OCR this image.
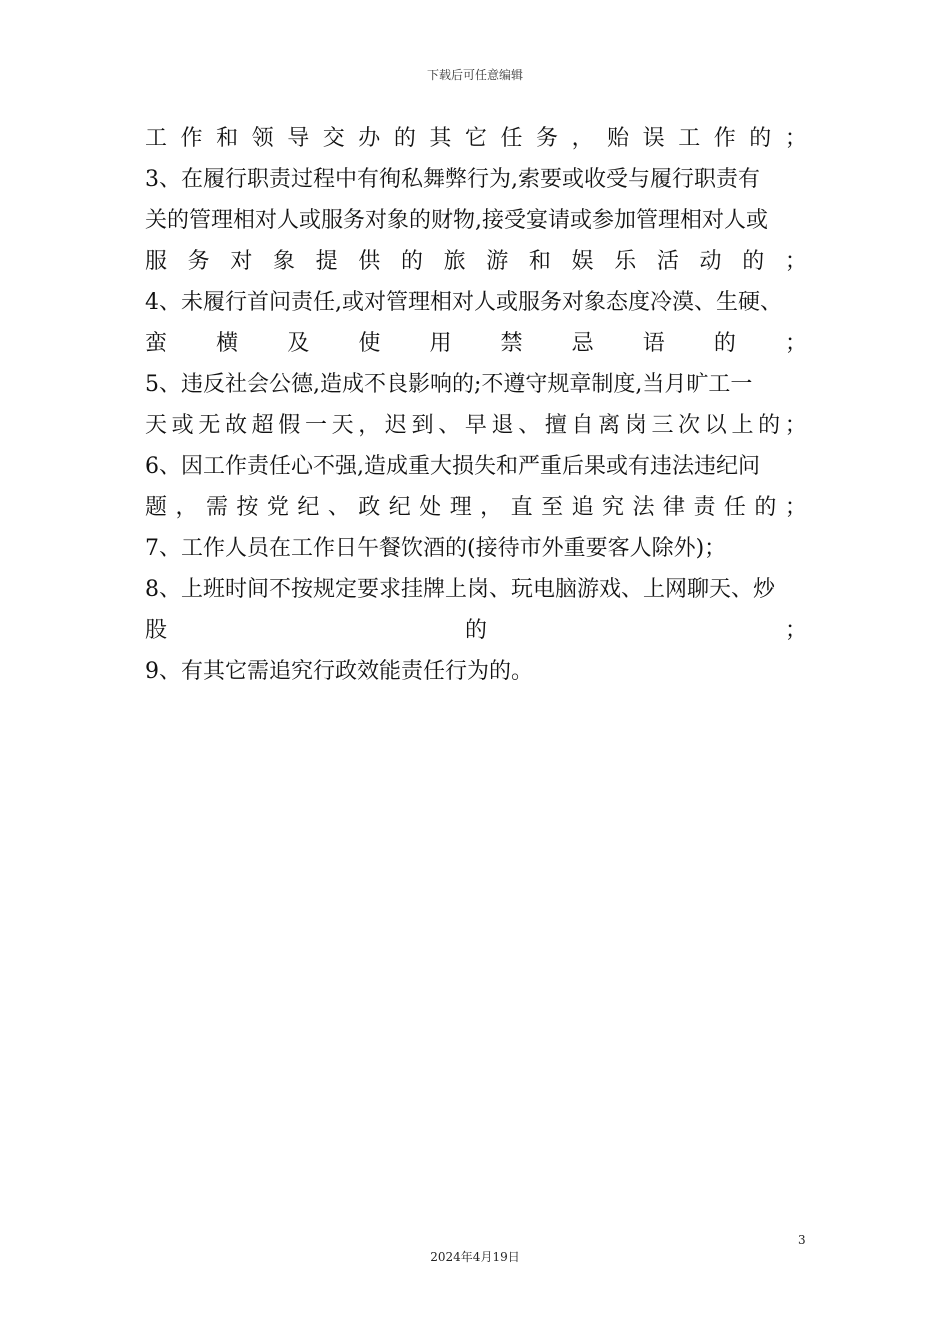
下载后可任意编辑
工 作 和 领 导 交 办 的 其 它 任 务 ， 贻 误 工 作 的 ；
3、在履行职责过程中有徇私舞弊行为,索要或收受与履行职责有
关的管理相对人或服务对象的财物,接受宴请或参加管理相对人或
服 务 对 象 提 供 的 旅 游 和 娱 乐 活 动 的 ；
4、未履行首问责任,或对管理相对人或服务对象态度冷漠、生硬、
蛮 横 及 使 用 禁 忌 语 的 ；
5、违反社会公德,造成不良影响的;不遵守规章制度,当月旷工一
天 或 无 故 超 假 一 天 ， 迟 到 、 早 退 、 擅 自 离 岗 三 次 以 上 的 ；
6、因工作责任心不强,造成重大损失和严重后果或有违法违纪问
题 ， 需 按 党 纪 、 政 纪 处 理 ， 直 至 追 究 法 律 责 任 的 ；
7、工作人员在工作日午餐饮酒的(接待市外重要客人除外)；
8、上班时间不按规定要求挂牌上岗、玩电脑游戏、上网聊天、炒
股	的	；
9、有其它需追究行政效能责任行为的。
3
2024年4月19日
